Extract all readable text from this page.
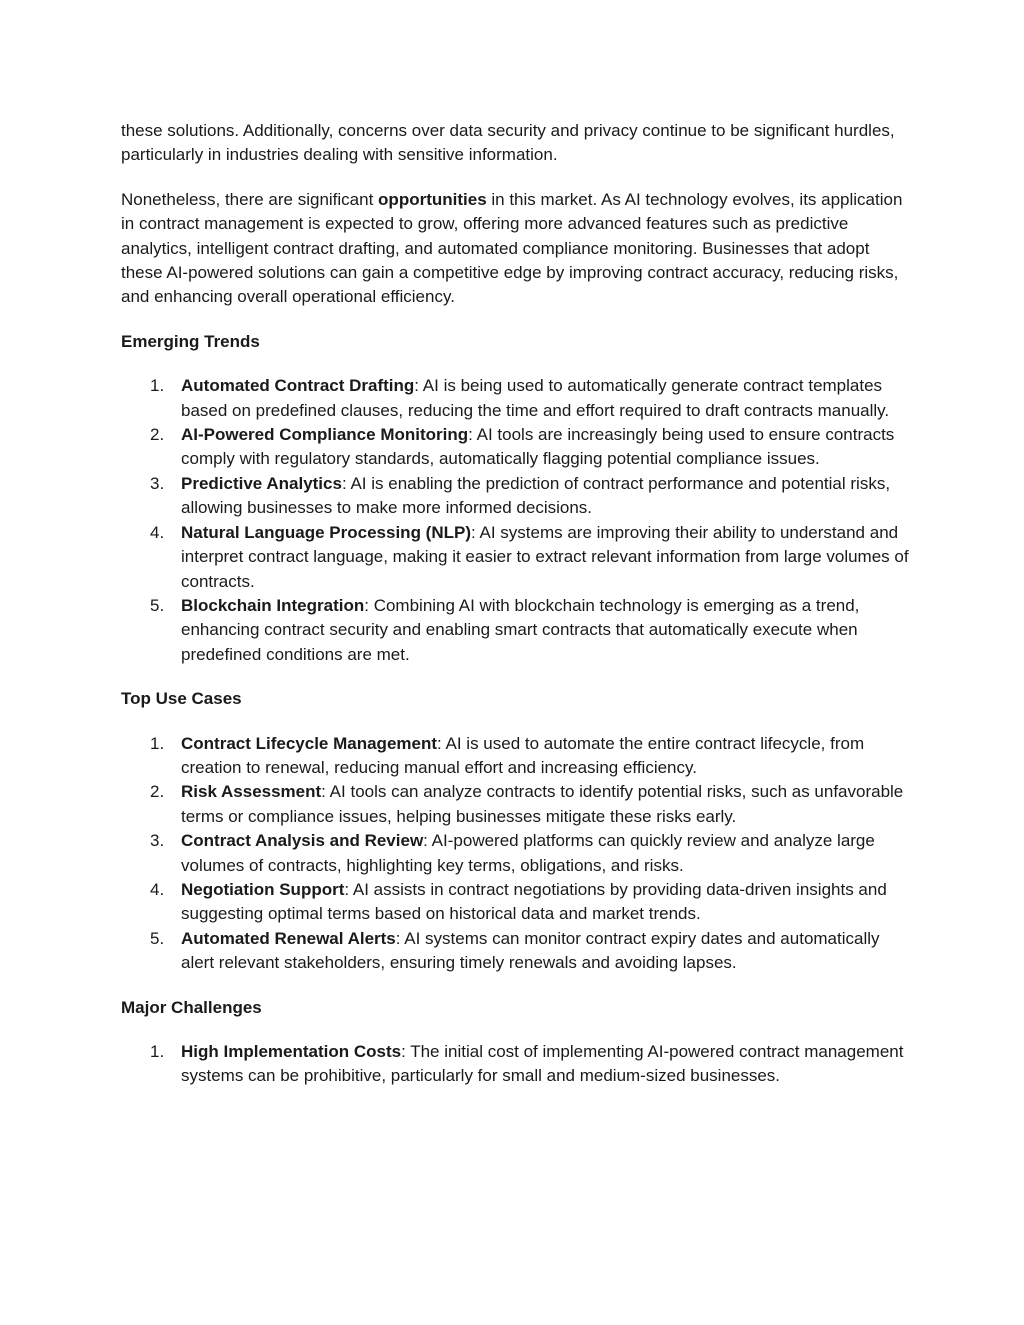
these solutions. Additionally, concerns over data security and privacy continue to be significant hurdles, particularly in industries dealing with sensitive information.

Nonetheless, there are significant opportunities in this market. As AI technology evolves, its application in contract management is expected to grow, offering more advanced features such as predictive analytics, intelligent contract drafting, and automated compliance monitoring. Businesses that adopt these AI-powered solutions can gain a competitive edge by improving contract accuracy, reducing risks, and enhancing overall operational efficiency.

Emerging Trends

1. Automated Contract Drafting: AI is being used to automatically generate contract templates based on predefined clauses, reducing the time and effort required to draft contracts manually.
2. AI-Powered Compliance Monitoring: AI tools are increasingly being used to ensure contracts comply with regulatory standards, automatically flagging potential compliance issues.
3. Predictive Analytics: AI is enabling the prediction of contract performance and potential risks, allowing businesses to make more informed decisions.
4. Natural Language Processing (NLP): AI systems are improving their ability to understand and interpret contract language, making it easier to extract relevant information from large volumes of contracts.
5. Blockchain Integration: Combining AI with blockchain technology is emerging as a trend, enhancing contract security and enabling smart contracts that automatically execute when predefined conditions are met.

Top Use Cases

1. Contract Lifecycle Management: AI is used to automate the entire contract lifecycle, from creation to renewal, reducing manual effort and increasing efficiency.
2. Risk Assessment: AI tools can analyze contracts to identify potential risks, such as unfavorable terms or compliance issues, helping businesses mitigate these risks early.
3. Contract Analysis and Review: AI-powered platforms can quickly review and analyze large volumes of contracts, highlighting key terms, obligations, and risks.
4. Negotiation Support: AI assists in contract negotiations by providing data-driven insights and suggesting optimal terms based on historical data and market trends.
5. Automated Renewal Alerts: AI systems can monitor contract expiry dates and automatically alert relevant stakeholders, ensuring timely renewals and avoiding lapses.

Major Challenges

1. High Implementation Costs: The initial cost of implementing AI-powered contract management systems can be prohibitive, particularly for small and medium-sized businesses.
